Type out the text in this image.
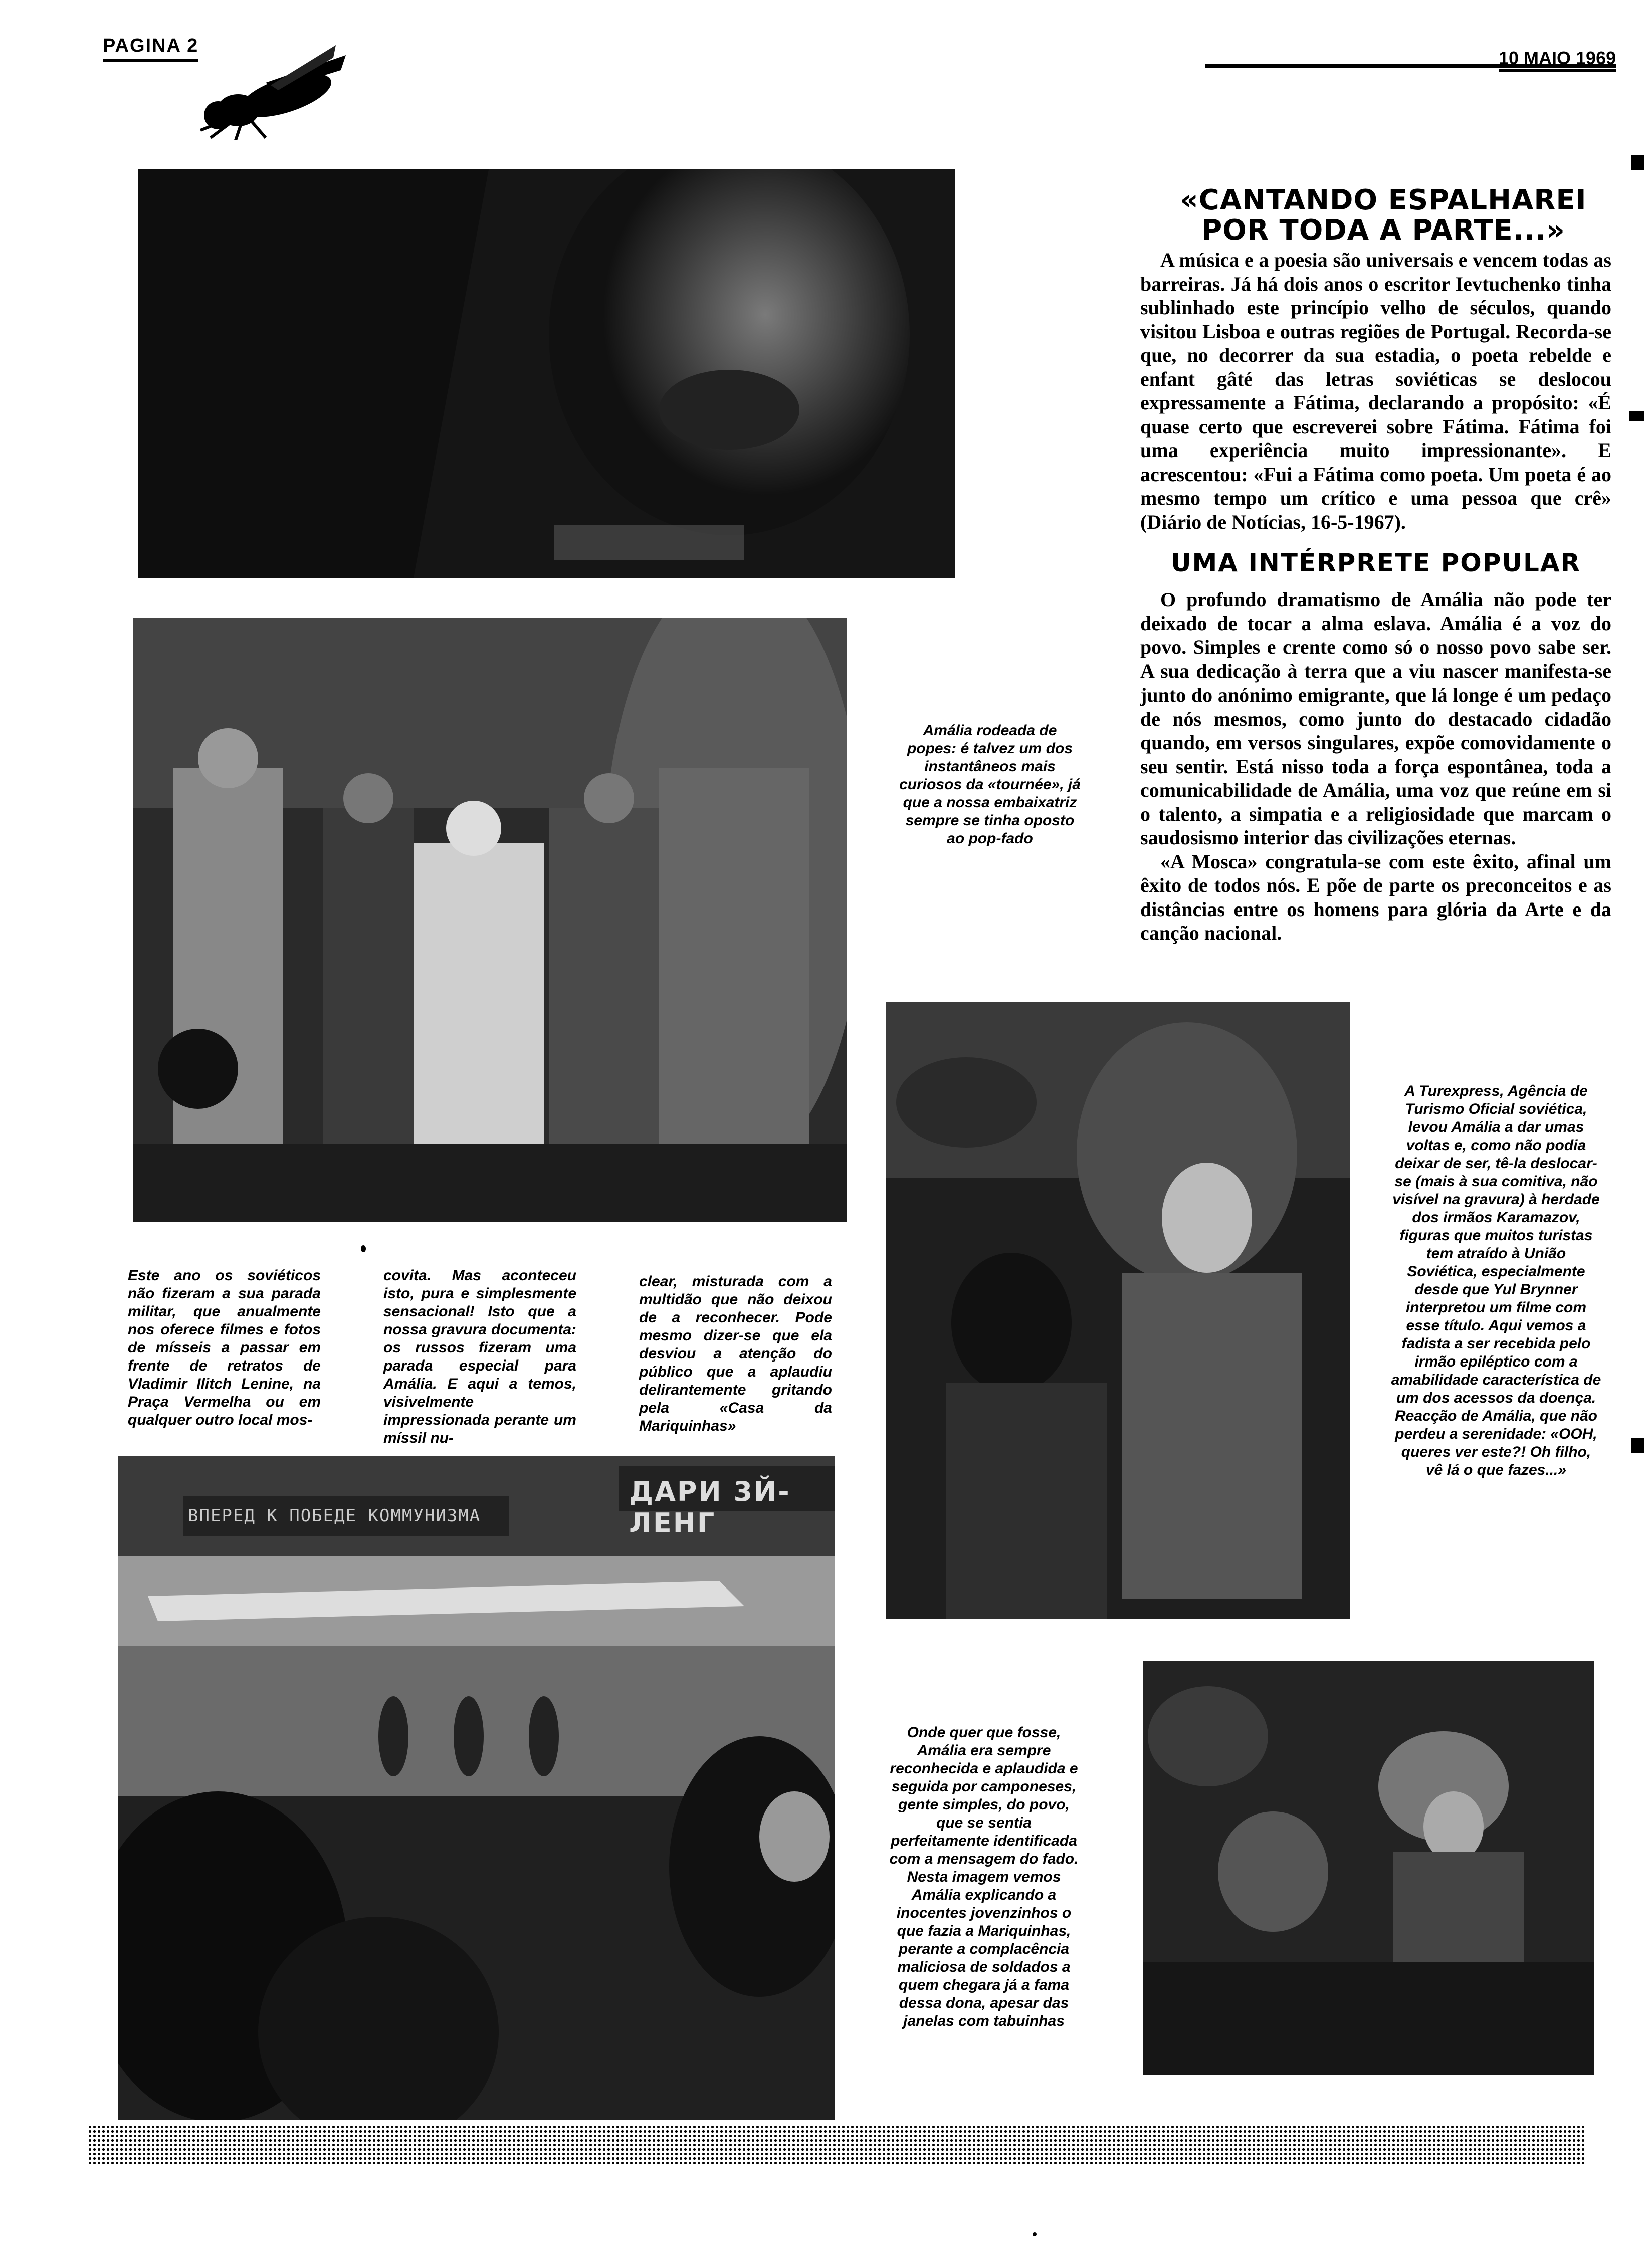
PAGINA 2
10 MAIO 1969
Amália rodeada de popes: é talvez um dos instantâneos mais curiosos da «tournée», já que a nossa embaixatriz sempre se tinha oposto ao pop-fado
«CANTANDO ESPALHAREI
POR TODA A PARTE...»

A música e a poesia são universais e vencem todas as barreiras. Já há dois anos o escritor Ievtuchenko tinha sublinhado este princípio velho de séculos, quando visitou Lisboa e outras regiões de Portugal. Recorda-se que, no decorrer da sua estadia, o poeta rebelde e enfant gâté das letras soviéticas se deslocou expressamente a Fátima, declarando a propósito: «É quase certo que escreverei sobre Fátima. Fátima foi uma experiência muito impressionante». E acrescentou: «Fui a Fátima como poeta. Um poeta é ao mesmo tempo um crítico e uma pessoa que crê» (Diário de Notícias, 16-5-1967).

UMA INTÉRPRETE POPULAR

O profundo dramatismo de Amália não pode ter deixado de tocar a alma eslava. Amália é a voz do povo. Simples e crente como só o nosso povo sabe ser. A sua dedicação à terra que a viu nascer manifesta-se junto do anónimo emigrante, que lá longe é um pedaço de nós mesmos, como junto do destacado cidadão quando, em versos singulares, expõe comovidamente o seu sentir. Está nisso toda a força espontânea, toda a comunicabilidade de Amália, uma voz que reúne em si o talento, a simpatia e a religiosidade que marcam o saudosismo interior das civilizações eternas.

«A Mosca» congratula-se com este êxito, afinal um êxito de todos nós. E põe de parte os preconceitos e as distâncias entre os homens para glória da Arte e da canção nacional.

A Turexpress, Agência de Turismo Oficial soviética, levou Amália a dar umas voltas e, como não podia deixar de ser, tê-la deslocar-se (mais à sua comitiva, não visível na gravura) à herdade dos irmãos Karamazov, figuras que muitos turistas tem atraído à União Soviética, especialmente desde que Yul Brynner interpretou um filme com esse título. Aqui vemos a fadista a ser recebida pelo irmão epiléptico com a amabilidade característica de um dos acessos da doença. Reacção de Amália, que não perdeu a serenidade: «OOH, queres ver este?! Oh filho, vê lá o que fazes...»
Este ano os soviéticos não fizeram a sua parada militar, que anualmente nos oferece filmes e fotos de mísseis a passar em frente de retratos de Vladimir Ilitch Lenine, na Praça Vermelha ou em qualquer outro local mos-
covita. Mas aconteceu isto, pura e simplesmente sensacional! Isto que a nossa gravura documenta: os russos fizeram uma parada especial para Amália. E aqui a temos, visivelmente impressionada perante um míssil nu-
clear, misturada com a multidão que não deixou de a reconhecer. Pode mesmo dizer-se que ela desviou a atenção do público que a aplaudiu delirantemente gritando pela «Casa da Mariquinhas»
ВПЕРЕД К ПОБЕДЕ КОММУНИЗМА
ДАРИ 3Й-ЛЕНГ
Onde quer que fosse, Amália era sempre reconhecida e aplaudida e seguida por camponeses, gente simples, do povo, que se sentia perfeitamente identificada com a mensagem do fado. Nesta imagem vemos Amália explicando a inocentes jovenzinhos o que fazia a Mariquinhas, perante a complacência maliciosa de soldados a quem chegara já a fama dessa dona, apesar das janelas com tabuinhas
